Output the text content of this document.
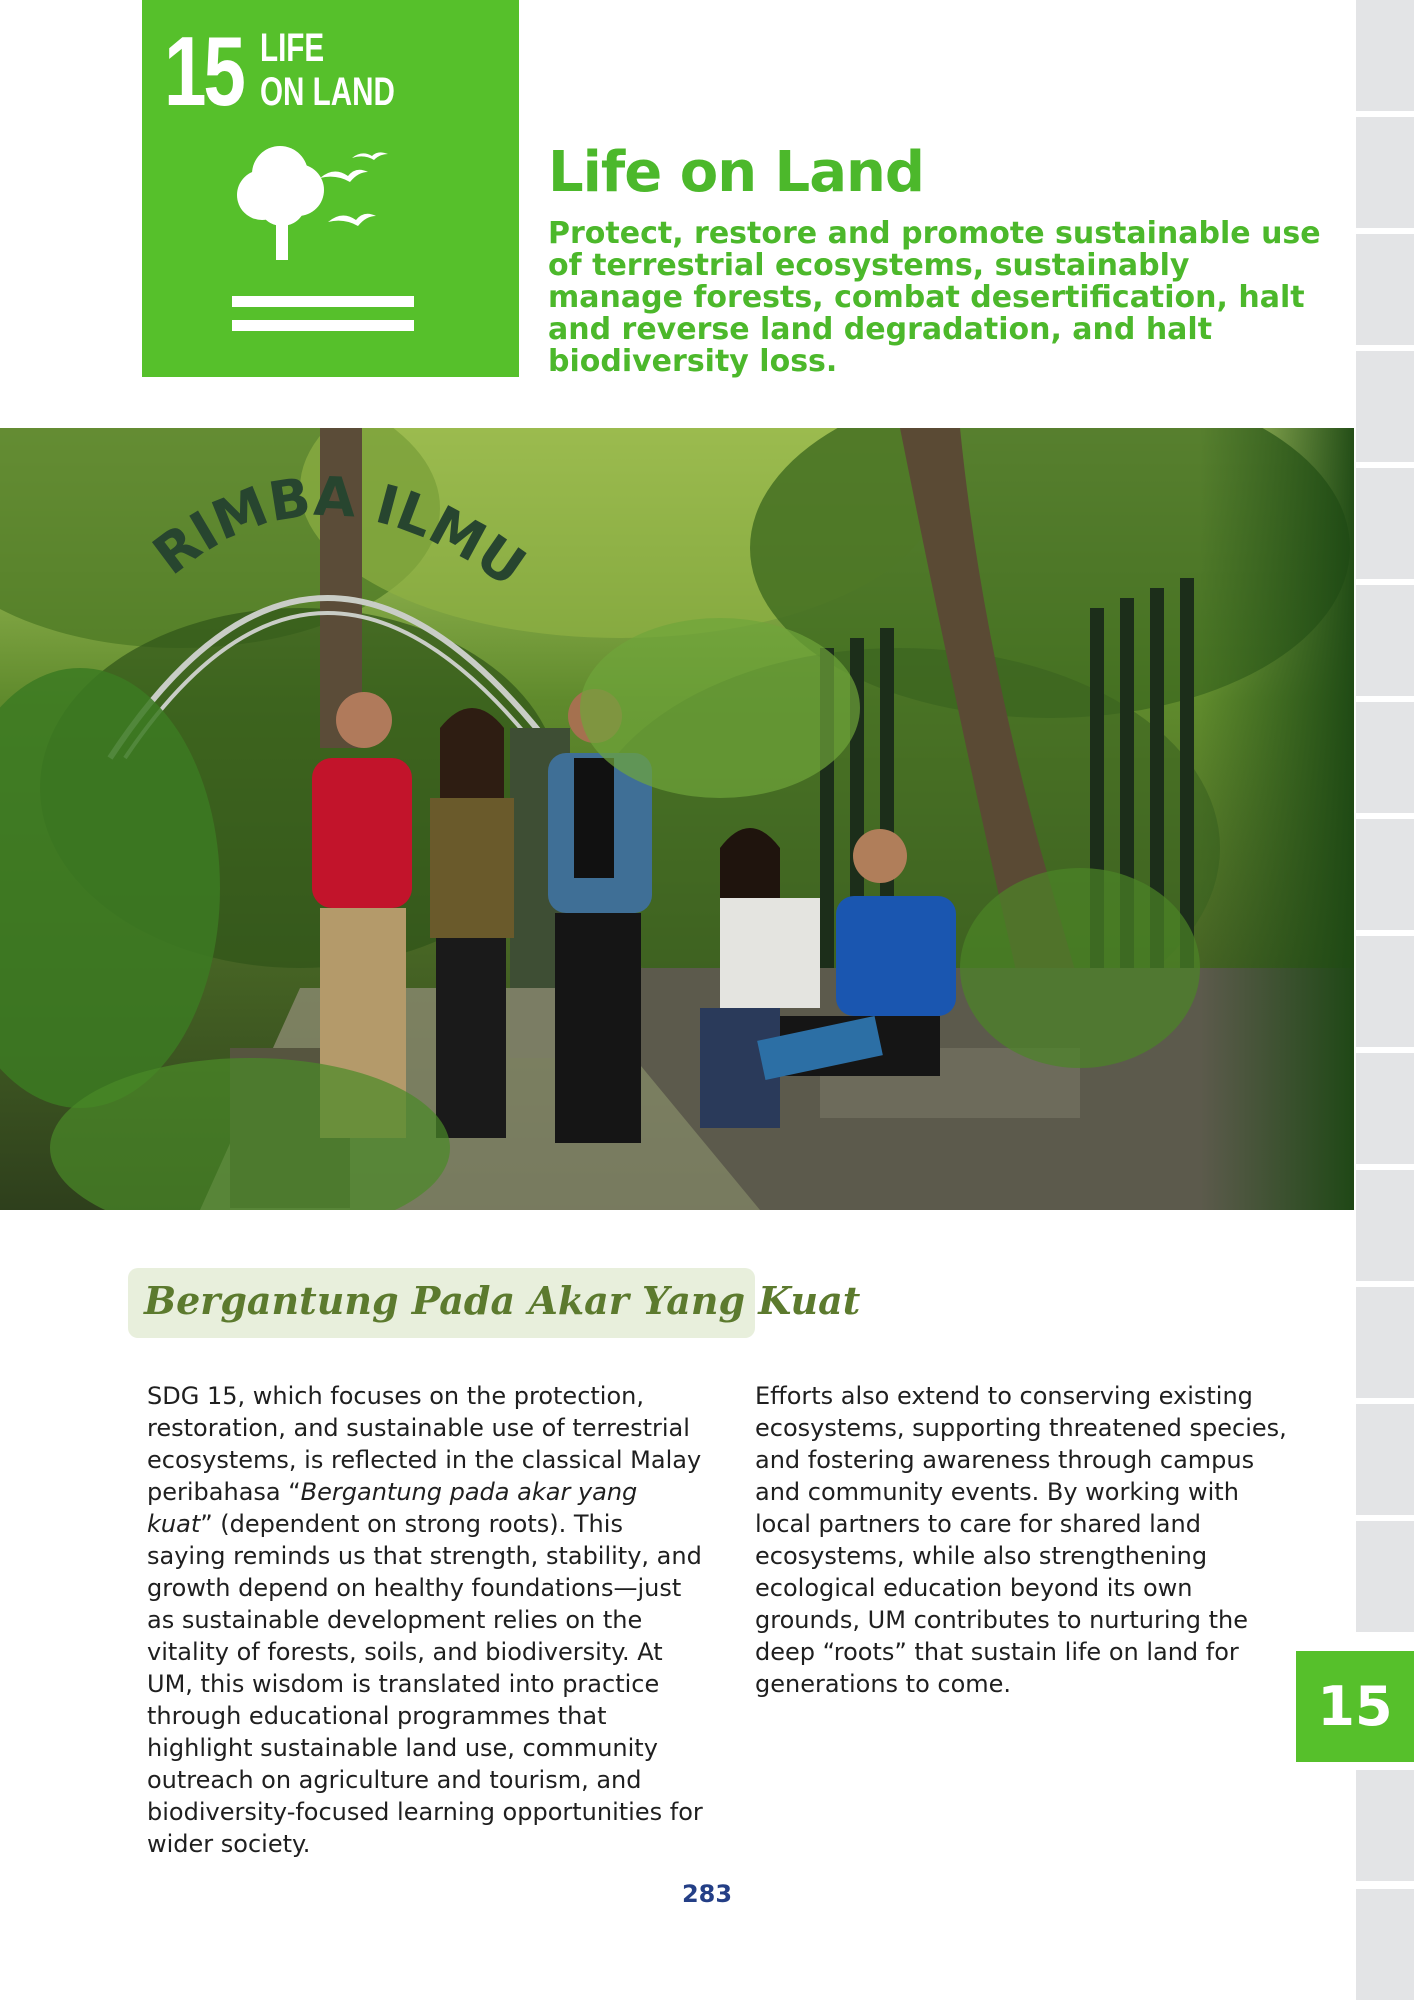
15 LIFE
ON LAND
Life on Land

Protect, restore and promote sustainable use of terrestrial ecosystems, sustainably manage forests, combat desertification, halt and reverse land degradation, and halt biodiversity loss.

RIMBA ILMU
15
Bergantung Pada Akar Yang Kuat

SDG 15, which focuses on the protection, restoration, and sustainable use of terrestrial ecosystems, is reflected in the classical Malay peribahasa “Bergantung pada akar yang kuat” (dependent on strong roots). This saying reminds us that strength, stability, and growth depend on healthy foundations—just as sustainable development relies on the vitality of forests, soils, and biodiversity. At UM, this wisdom is translated into practice through educational programmes that highlight sustainable land use, community outreach on agriculture and tourism, and biodiversity-focused learning opportunities for wider society.

Efforts also extend to conserving existing ecosystems, supporting threatened species, and fostering awareness through campus and community events. By working with local partners to care for shared land ecosystems, while also strengthening ecological education beyond its own grounds, UM contributes to nurturing the deep “roots” that sustain life on land for generations to come.

283
